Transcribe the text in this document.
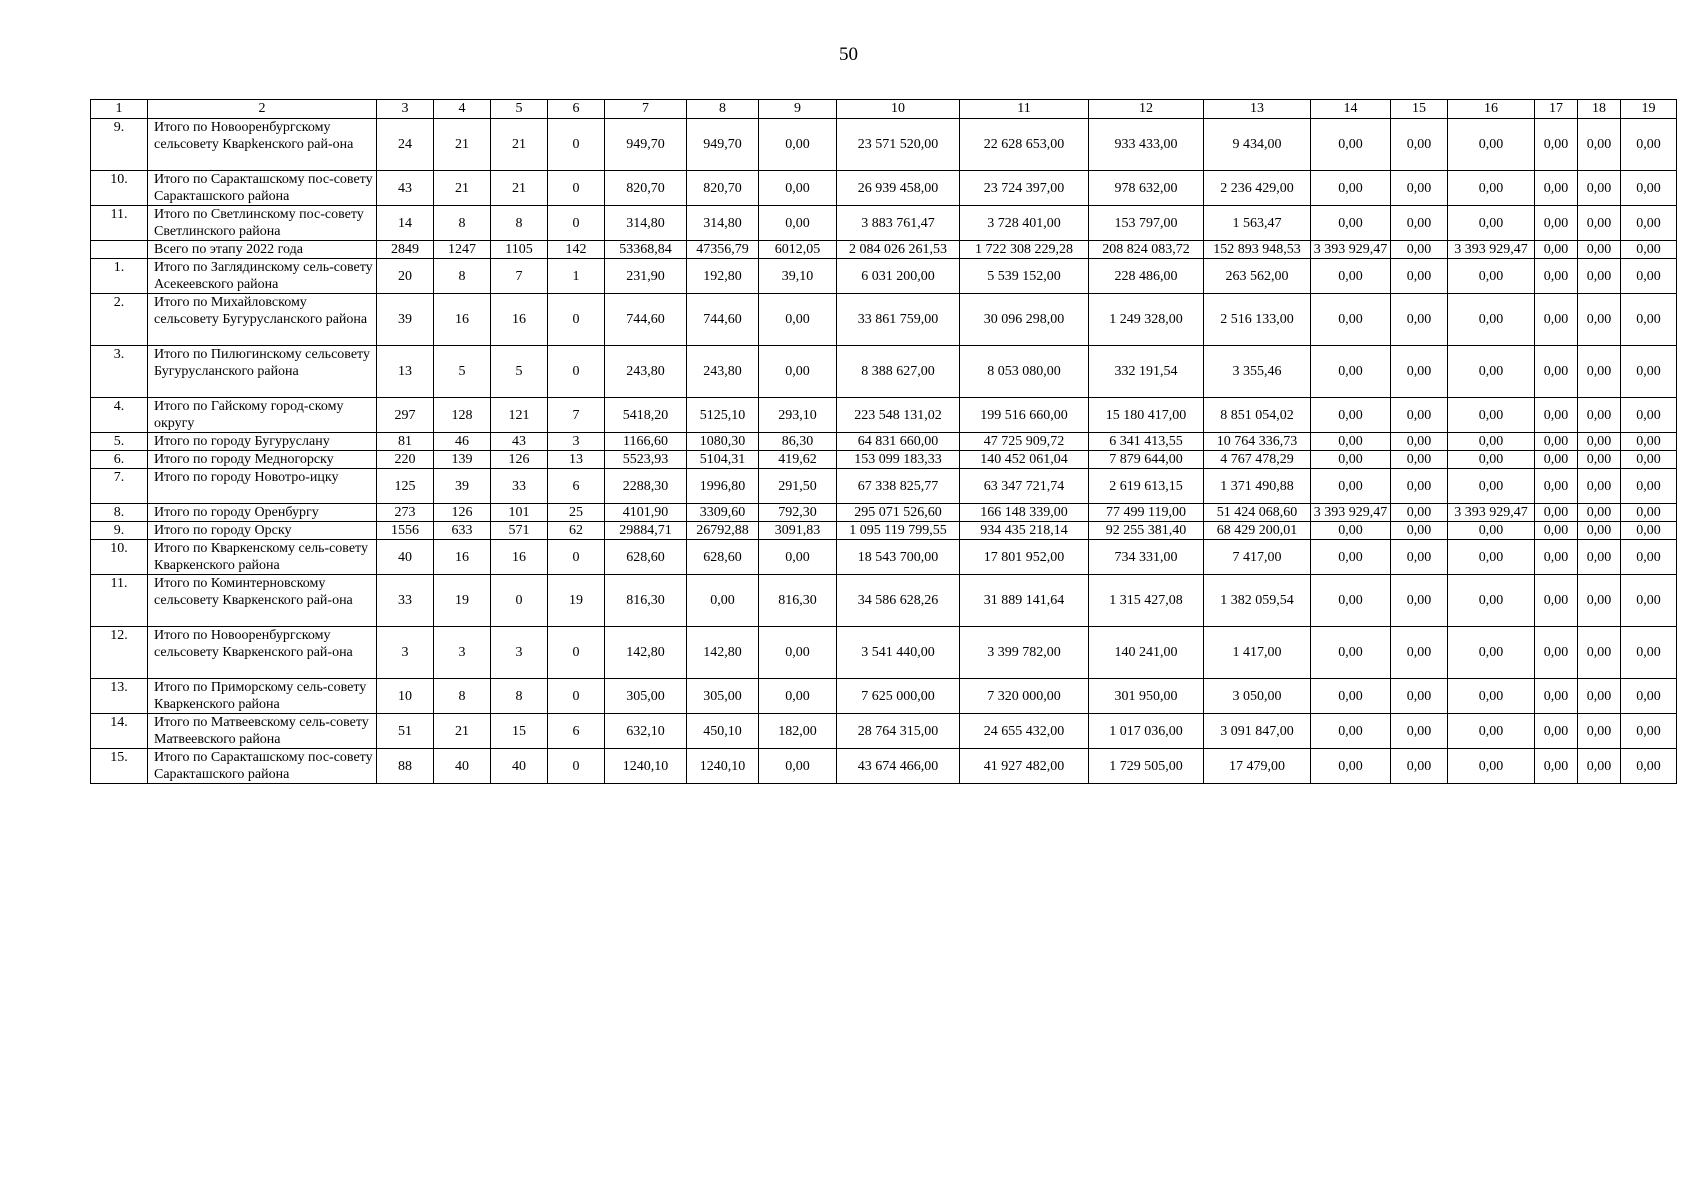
50
1	2	3	4	5	6	7	8	9	10	11	12	13	14	15	16	17	18	19
9.	Итого по Новооренбургскому сельсовету Кварkенского рай-она	24	21	21	0	949,70	949,70	0,00	23 571 520,00	22 628 653,00	933 433,00	9 434,00	0,00	0,00	0,00	0,00	0,00	0,00
10.	Итого по Саракташскому пос-совету Саракташского района	43	21	21	0	820,70	820,70	0,00	26 939 458,00	23 724 397,00	978 632,00	2 236 429,00	0,00	0,00	0,00	0,00	0,00	0,00
11.	Итого по Светлинскому пос-совету Светлинского района	14	8	8	0	314,80	314,80	0,00	3 883 761,47	3 728 401,00	153 797,00	1 563,47	0,00	0,00	0,00	0,00	0,00	0,00
	Всего по этапу 2022 года	2849	1247	1105	142	53368,84	47356,79	6012,05	2 084 026 261,53	1 722 308 229,28	208 824 083,72	152 893 948,53	3 393 929,47	0,00	3 393 929,47	0,00	0,00	0,00
1.	Итого по Заглядинскому сель-совету Асекеевского района	20	8	7	1	231,90	192,80	39,10	6 031 200,00	5 539 152,00	228 486,00	263 562,00	0,00	0,00	0,00	0,00	0,00	0,00
2.	Итого по Михайловскому сельсовету Бугурусланского района	39	16	16	0	744,60	744,60	0,00	33 861 759,00	30 096 298,00	1 249 328,00	2 516 133,00	0,00	0,00	0,00	0,00	0,00	0,00
3.	Итого по Пилюгинскому сельсовету Бугурусланского района	13	5	5	0	243,80	243,80	0,00	8 388 627,00	8 053 080,00	332 191,54	3 355,46	0,00	0,00	0,00	0,00	0,00	0,00
4.	Итого по Гайскому город-скому округу	297	128	121	7	5418,20	5125,10	293,10	223 548 131,02	199 516 660,00	15 180 417,00	8 851 054,02	0,00	0,00	0,00	0,00	0,00	0,00
5.	Итого по городу Бугуруслану	81	46	43	3	1166,60	1080,30	86,30	64 831 660,00	47 725 909,72	6 341 413,55	10 764 336,73	0,00	0,00	0,00	0,00	0,00	0,00
6.	Итого по городу Медногорску	220	139	126	13	5523,93	5104,31	419,62	153 099 183,33	140 452 061,04	7 879 644,00	4 767 478,29	0,00	0,00	0,00	0,00	0,00	0,00
7.	Итого по городу Новотро-ицку	125	39	33	6	2288,30	1996,80	291,50	67 338 825,77	63 347 721,74	2 619 613,15	1 371 490,88	0,00	0,00	0,00	0,00	0,00	0,00
8.	Итого по городу Оренбургу	273	126	101	25	4101,90	3309,60	792,30	295 071 526,60	166 148 339,00	77 499 119,00	51 424 068,60	3 393 929,47	0,00	3 393 929,47	0,00	0,00	0,00
9.	Итого по городу Орску	1556	633	571	62	29884,71	26792,88	3091,83	1 095 119 799,55	934 435 218,14	92 255 381,40	68 429 200,01	0,00	0,00	0,00	0,00	0,00	0,00
10.	Итого по Кваркенскому сель-совету Кваркенского района	40	16	16	0	628,60	628,60	0,00	18 543 700,00	17 801 952,00	734 331,00	7 417,00	0,00	0,00	0,00	0,00	0,00	0,00
11.	Итого по Коминтерновскому сельсовету Кваркенского рай-она	33	19	0	19	816,30	0,00	816,30	34 586 628,26	31 889 141,64	1 315 427,08	1 382 059,54	0,00	0,00	0,00	0,00	0,00	0,00
12.	Итого по Новооренбургскому сельсовету Кваркенского рай-она	3	3	3	0	142,80	142,80	0,00	3 541 440,00	3 399 782,00	140 241,00	1 417,00	0,00	0,00	0,00	0,00	0,00	0,00
13.	Итого по Приморскому сель-совету Кваркенского района	10	8	8	0	305,00	305,00	0,00	7 625 000,00	7 320 000,00	301 950,00	3 050,00	0,00	0,00	0,00	0,00	0,00	0,00
14.	Итого по Матвеевскому сель-совету Матвеевского района	51	21	15	6	632,10	450,10	182,00	28 764 315,00	24 655 432,00	1 017 036,00	3 091 847,00	0,00	0,00	0,00	0,00	0,00	0,00
15.	Итого по Саракташскому пос-совету Саракташского района	88	40	40	0	1240,10	1240,10	0,00	43 674 466,00	41 927 482,00	1 729 505,00	17 479,00	0,00	0,00	0,00	0,00	0,00	0,00
